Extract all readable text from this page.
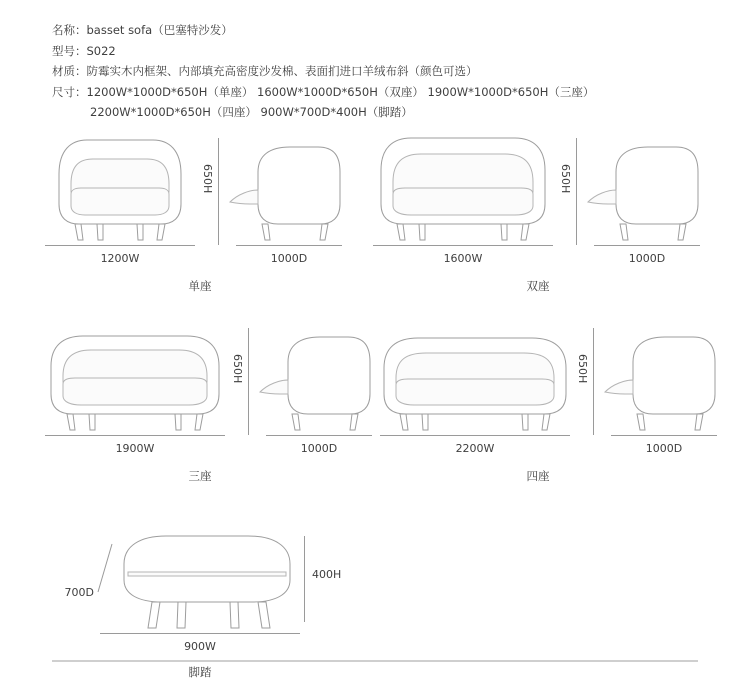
名称：basset sofa（巴塞特沙发）
型号：S022
材质：防霉实木内框架、内部填充高密度沙发棉、表面扪进口羊绒布斜（颜色可选）
尺寸：1200W*1000D*650H（单座） 1600W*1000D*650H（双座） 1900W*1000D*650H（三座）
2200W*1000D*650H（四座） 900W*700D*400H（脚踏）
1200W
650H
1000D
单座
1600W
650H
1000D
双座
1900W
650H
1000D
三座
2200W
650H
1000D
四座
700D
400H
900W
脚踏
